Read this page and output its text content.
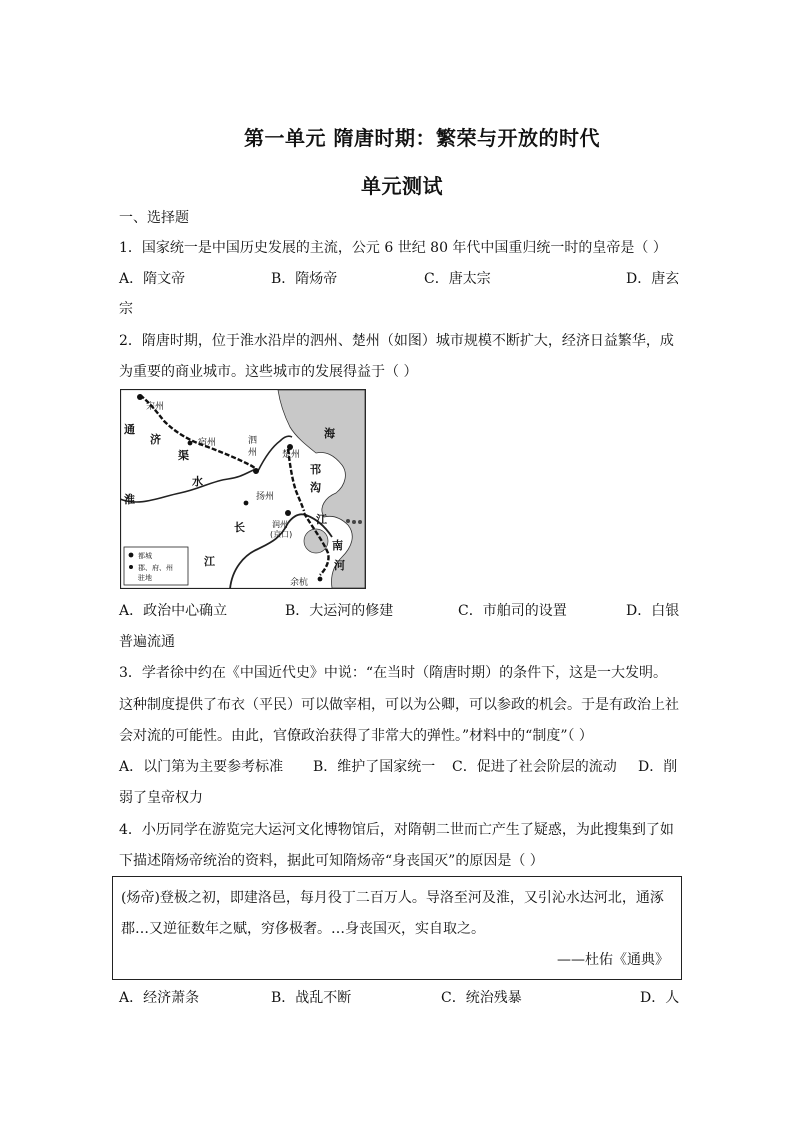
第一单元 隋唐时期：繁荣与开放的时代
单元测试
一、选择题
1．国家统一是中国历史发展的主流，公元 6 世纪 80 年代中国重归统一时的皇帝是（ ）
A．隋文帝	B．隋炀帝	C．唐太宗	D．唐玄
宗
2．隋唐时期，位于淮水沿岸的泗州、楚州（如图）城市规模不断扩大，经济日益繁华，成
为重要的商业城市。这些城市的发展得益于（ ）
宋州
通
济
渠
宿州	泗
州	楚州
海
邗
沟
淮
水
扬州
长
江
润州
(京口)
江
南
河
余杭
都城
郡、府、州
驻地
A．政治中心确立	B．大运河的修建	C．市舶司的设置	D．白银
普遍流通
3．学者徐中约在《中国近代史》中说：“在当时（隋唐时期）的条件下，这是一大发明。
这种制度提供了布衣（平民）可以做宰相，可以为公卿，可以参政的机会。于是有政治上社
会对流的可能性。由此，官僚政治获得了非常大的弹性。”材料中的“制度”（ ）
A．以门第为主要参考标准 B．维护了国家统一 C．促进了社会阶层的流动 D．削
弱了皇帝权力
4．小历同学在游览完大运河文化博物馆后，对隋朝二世而亡产生了疑惑，为此搜集到了如
下描述隋炀帝统治的资料，据此可知隋炀帝“身丧国灭”的原因是（ ）
(炀帝)登极之初，即建洛邑，每月役丁二百万人。导洛至河及淮，又引沁水达河北，通涿
郡…又逆征数年之赋，穷侈极奢。…身丧国灭，实自取之。
——杜佑《通典》
A．经济萧条	B．战乱不断	C．统治残暴	D．人
